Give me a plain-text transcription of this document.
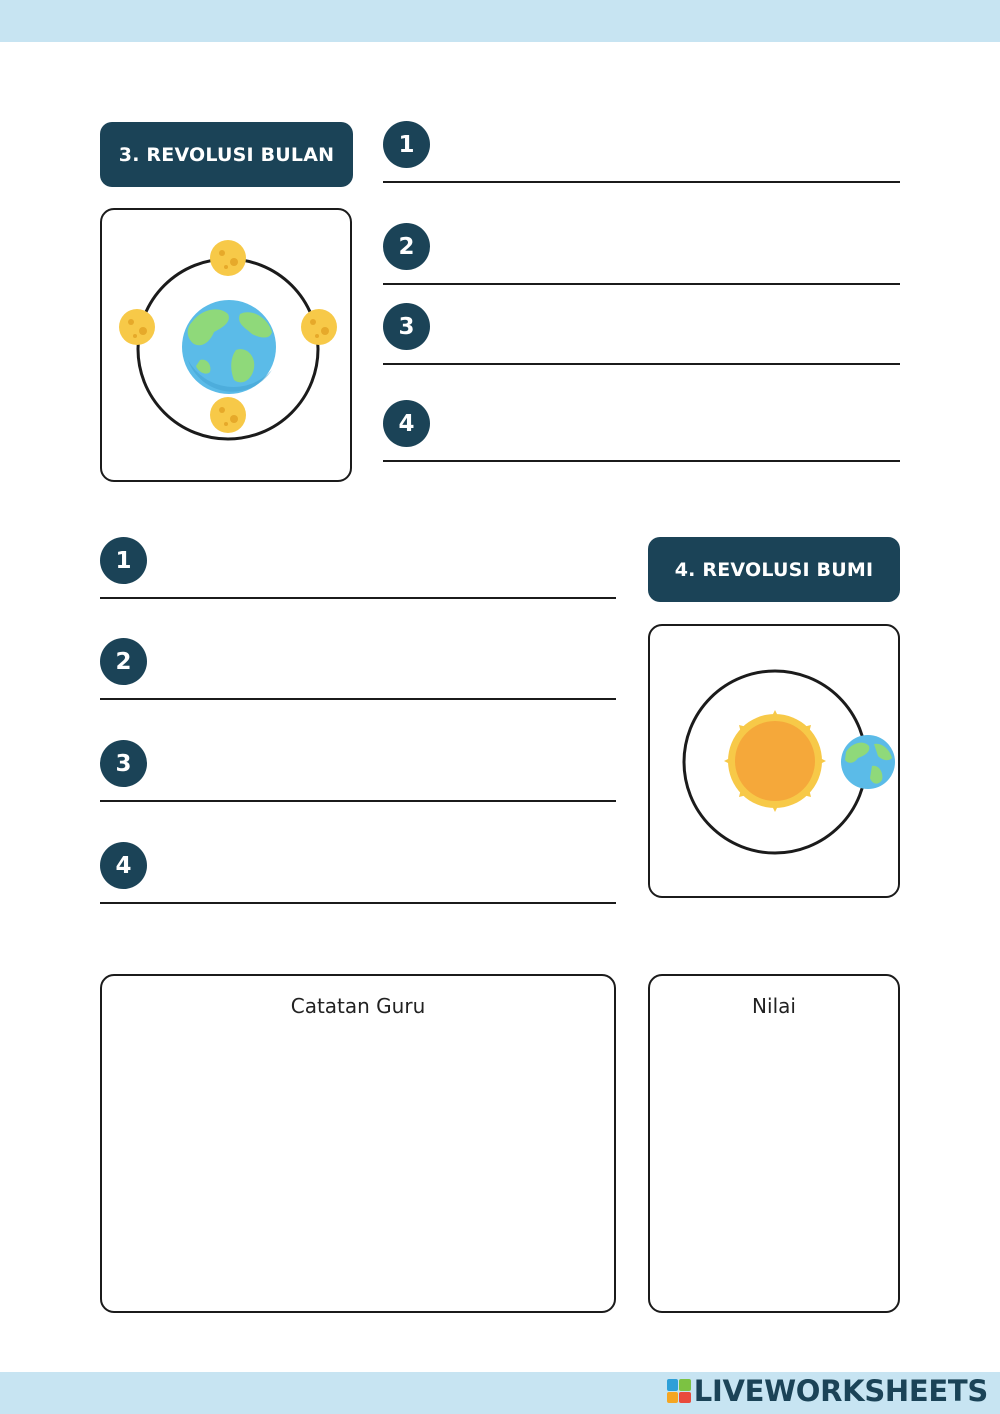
3. REVOLUSI BULAN	1
2
3
4
1
2
3
4
4. REVOLUSI BUMI
Catatan Guru	Nilai
LIVEWORKSHEETS
